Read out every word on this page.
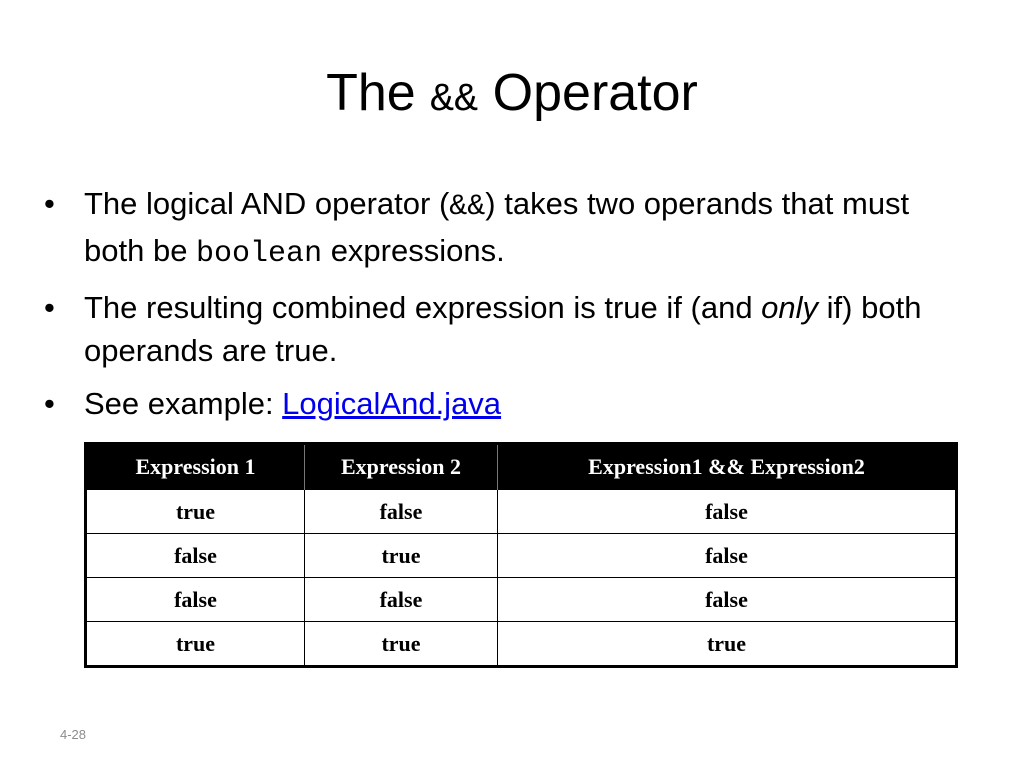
The && Operator
• The logical AND operator (&&) takes two operands that must both be boolean expressions.
• The resulting combined expression is true if (and only if) both operands are true.
• See example: LogicalAnd.java
Expression 1	Expression 2	Expression1 && Expression2
true	false	false
false	true	false
false	false	false
true	true	true
4-28
